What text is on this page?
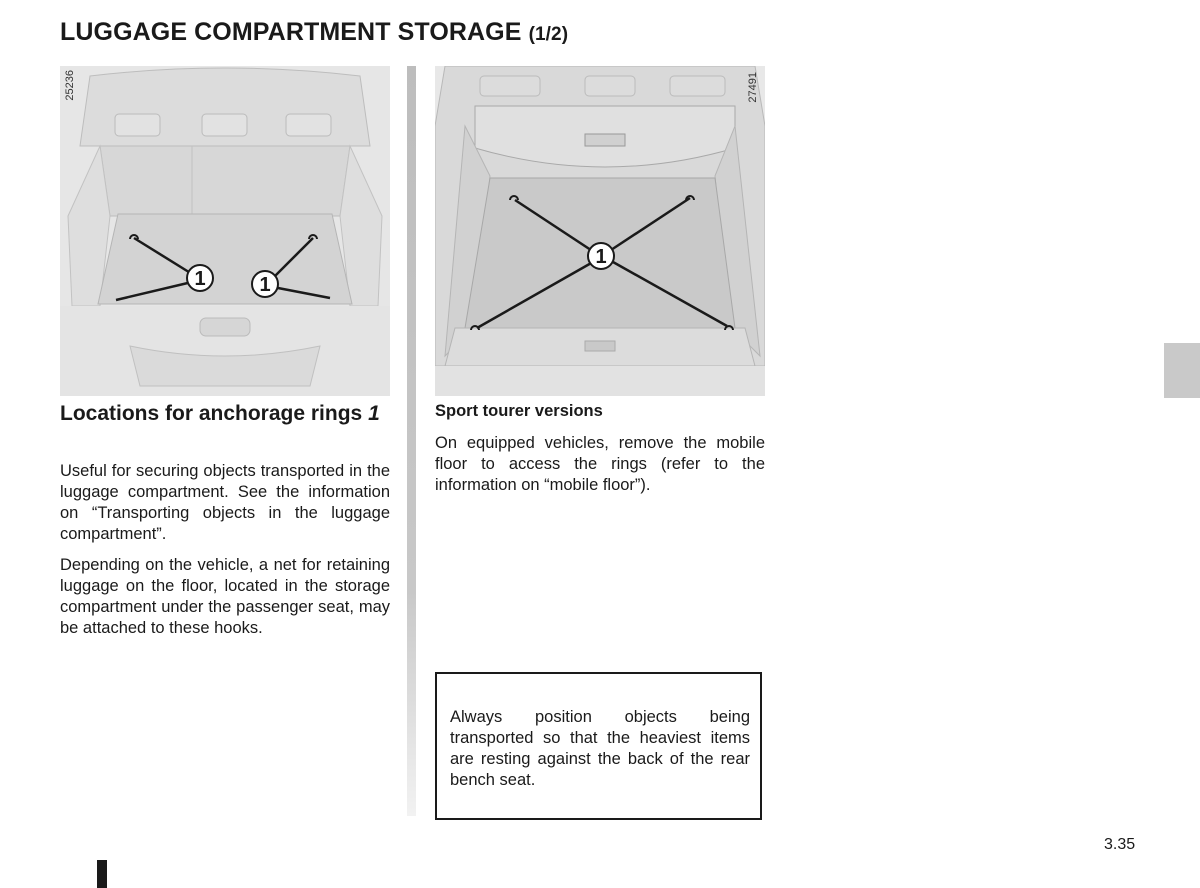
LUGGAGE COMPARTMENT STORAGE (1/2)
1	1
25236
1
27491
Locations for anchorage rings 1
Useful for securing objects transported in the luggage compartment. See the information on “Transporting objects in the luggage compartment”.
Depending on the vehicle, a net for retaining luggage on the floor, located in the storage compartment under the passenger seat, may be attached to these hooks.
Sport tourer versions
On equipped vehicles, remove the mobile floor to access the rings (refer to the information on “mobile floor”).
Always position objects being transported so that the heaviest items are resting against the back of the rear bench seat.
3.35
